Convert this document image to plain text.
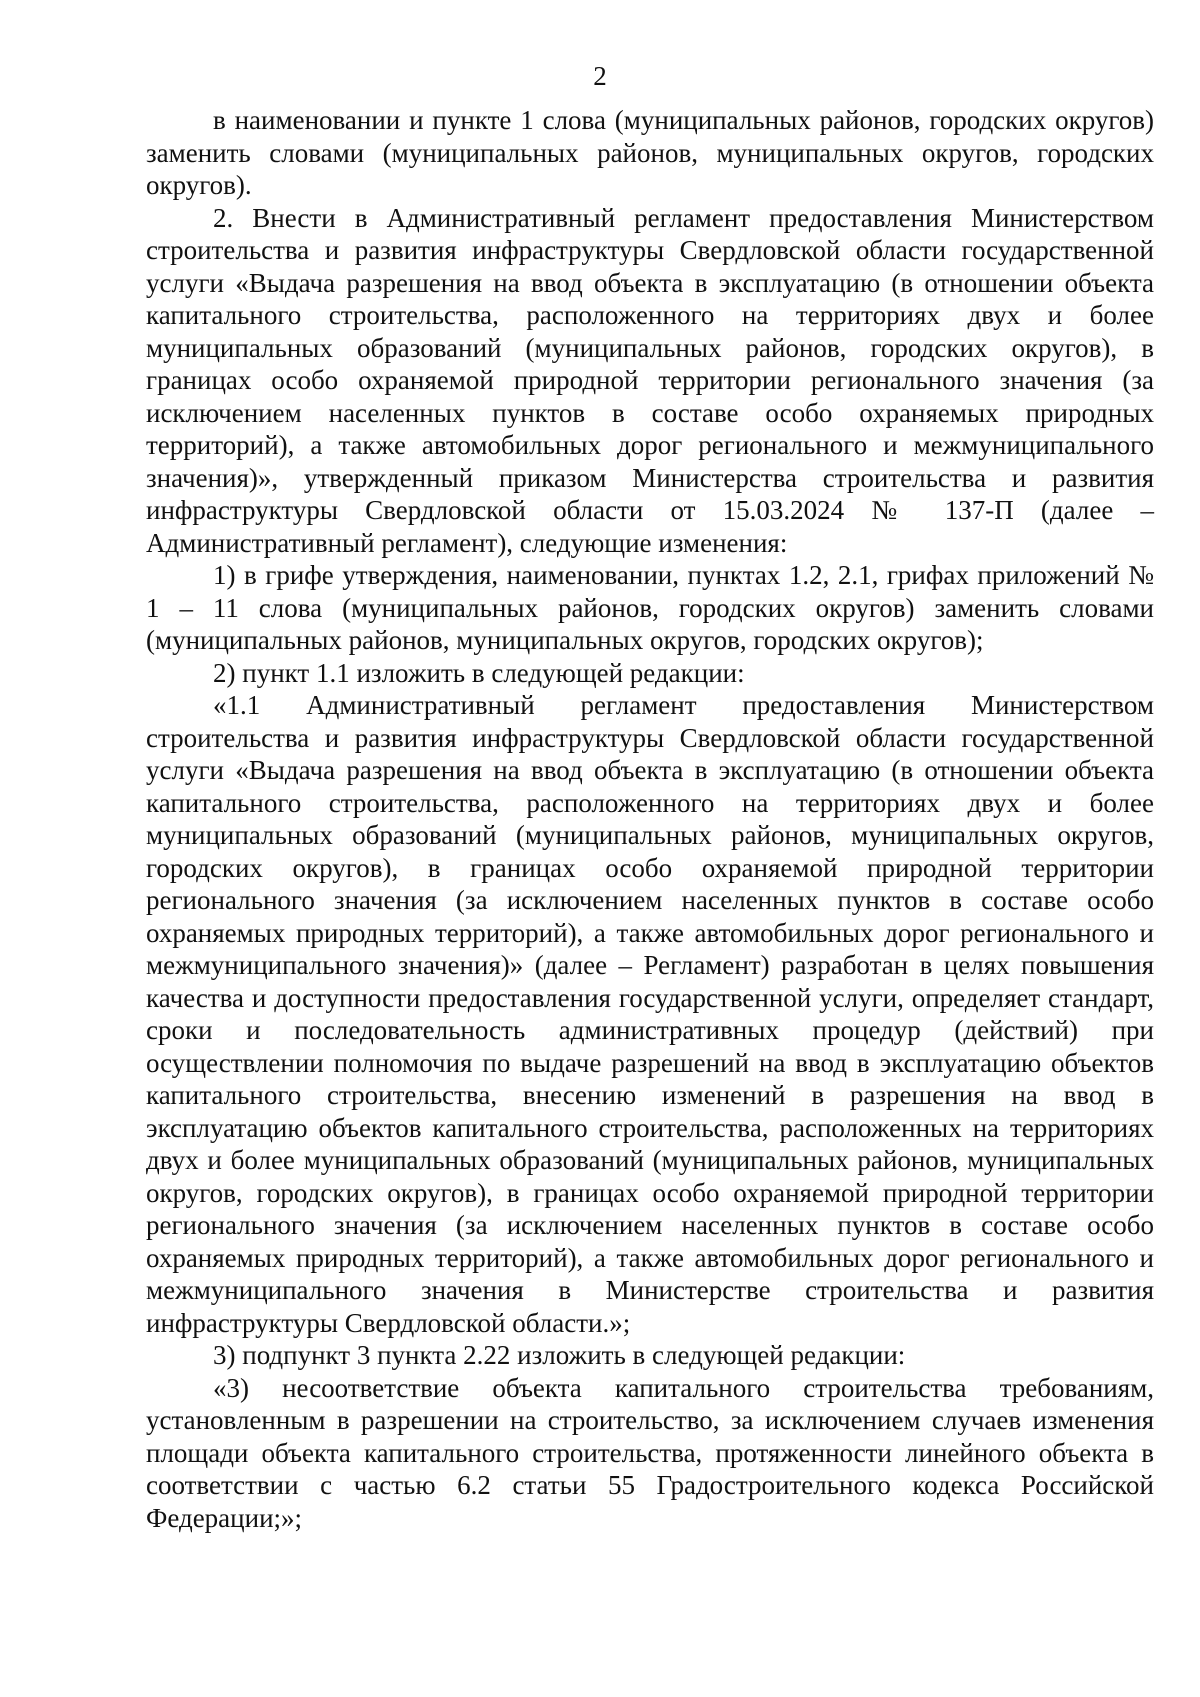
2

в наименовании и пункте 1 слова (муниципальных районов, городских округов) заменить словами (муниципальных районов, муниципальных округов, городских округов).

2. Внести в Административный регламент предоставления Министерством строительства и развития инфраструктуры Свердловской области государственной услуги «Выдача разрешения на ввод объекта в эксплуатацию (в отношении объекта капитального строительства, расположенного на территориях двух и более муниципальных образований (муниципальных районов, городских округов), в границах особо охраняемой природной территории регионального значения (за исключением населенных пунктов в составе особо охраняемых природных территорий), а также автомобильных дорог регионального и межмуниципального значения)», утвержденный приказом Министерства строительства и развития инфраструктуры Свердловской области от 15.03.2024 № 137-П (далее – Административный регламент), следующие изменения:

1) в грифе утверждения, наименовании, пунктах 1.2, 2.1, грифах приложений № 1 – 11 слова (муниципальных районов, городских округов) заменить словами (муниципальных районов, муниципальных округов, городских округов);

2) пункт 1.1 изложить в следующей редакции:

«1.1 Административный регламент предоставления Министерством строительства и развития инфраструктуры Свердловской области государственной услуги «Выдача разрешения на ввод объекта в эксплуатацию (в отношении объекта капитального строительства, расположенного на территориях двух и более муниципальных образований (муниципальных районов, муниципальных округов, городских округов), в границах особо охраняемой природной территории регионального значения (за исключением населенных пунктов в составе особо охраняемых природных территорий), а также автомобильных дорог регионального и межмуниципального значения)» (далее – Регламент) разработан в целях повышения качества и доступности предоставления государственной услуги, определяет стандарт, сроки и последовательность административных процедур (действий) при осуществлении полномочия по выдаче разрешений на ввод в эксплуатацию объектов капитального строительства, внесению изменений в разрешения на ввод в эксплуатацию объектов капитального строительства, расположенных на территориях двух и более муниципальных образований (муниципальных районов, муниципальных округов, городских округов), в границах особо охраняемой природной территории регионального значения (за исключением населенных пунктов в составе особо охраняемых природных территорий), а также автомобильных дорог регионального и межмуниципального значения в Министерстве строительства и развития инфраструктуры Свердловской области.»;

3) подпункт 3 пункта 2.22 изложить в следующей редакции:

«3) несоответствие объекта капитального строительства требованиям, установленным в разрешении на строительство, за исключением случаев изменения площади объекта капитального строительства, протяженности линейного объекта в соответствии с частью 6.2 статьи 55 Градостроительного кодекса Российской Федерации;»;
